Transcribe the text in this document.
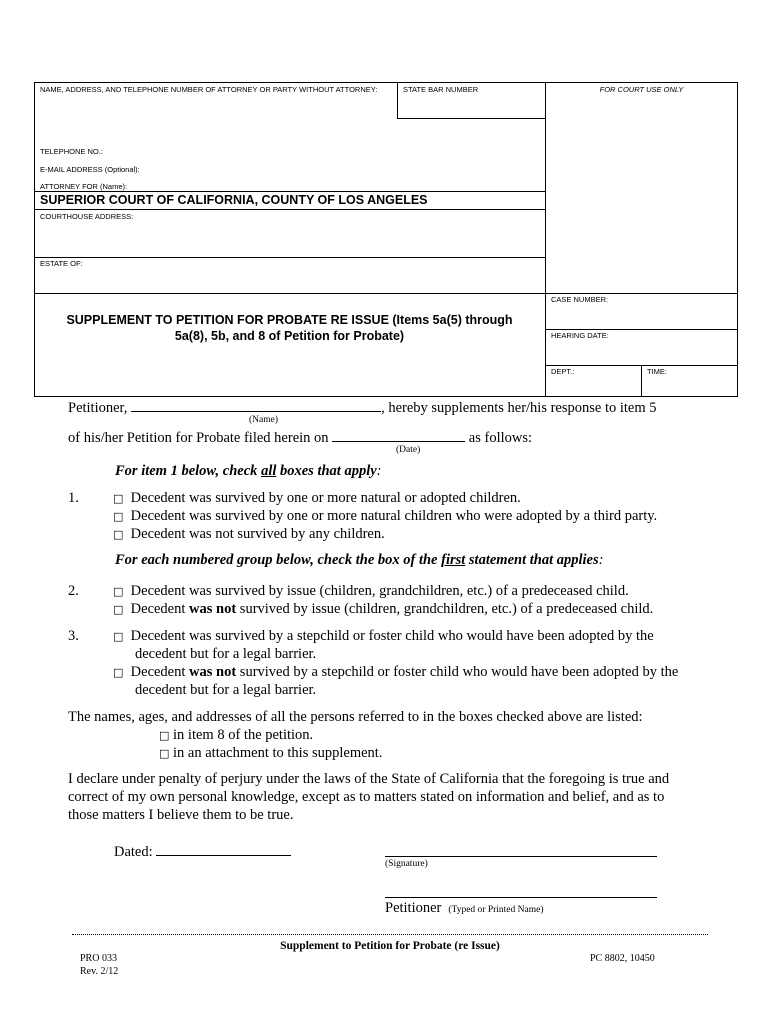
NAME, ADDRESS, AND TELEPHONE NUMBER OF ATTORNEY OR PARTY WITHOUT ATTORNEY:	STATE BAR NUMBER	FOR COURT USE ONLY
TELEPHONE NO.:
E-MAIL ADDRESS (Optional):
ATTORNEY FOR (Name):
SUPERIOR COURT OF CALIFORNIA, COUNTY OF LOS ANGELES
COURTHOUSE ADDRESS:
ESTATE OF:
CASE NUMBER:
HEARING DATE:
DEPT.:	TIME:
SUPPLEMENT TO PETITION FOR PROBATE RE ISSUE (Items 5a(5) through
5a(8), 5b, and 8 of Petition for Probate)
Petitioner,	, hereby supplements her/his response to item 5
(Name)
of his/her Petition for Probate filed herein on	as follows:
(Date)
For item 1 below, check all boxes that apply:
1.	□ Decedent was survived by one or more natural or adopted children.
□ Decedent was survived by one or more natural children who were adopted by a third party.
□ Decedent was not survived by any children.
For each numbered group below, check the box of the first statement that applies:
2.	□ Decedent was survived by issue (children, grandchildren, etc.) of a predeceased child.
□ Decedent was not survived by issue (children, grandchildren, etc.) of a predeceased child.
3.	□ Decedent was survived by a stepchild or foster child who would have been adopted by the
decedent but for a legal barrier.
□ Decedent was not survived by a stepchild or foster child who would have been adopted by the
decedent but for a legal barrier.
The names, ages, and addresses of all the persons referred to in the boxes checked above are listed:
□ in item 8 of the petition.
□ in an attachment to this supplement.
I declare under penalty of perjury under the laws of the State of California that the foregoing is true and
correct of my own personal knowledge, except as to matters stated on information and belief, and as to
those matters I believe them to be true.
Dated:
(Signature)
Petitioner (Typed or Printed Name)
Supplement to Petition for Probate (re Issue)
PRO 033
Rev. 2/12
PC 8802, 10450
